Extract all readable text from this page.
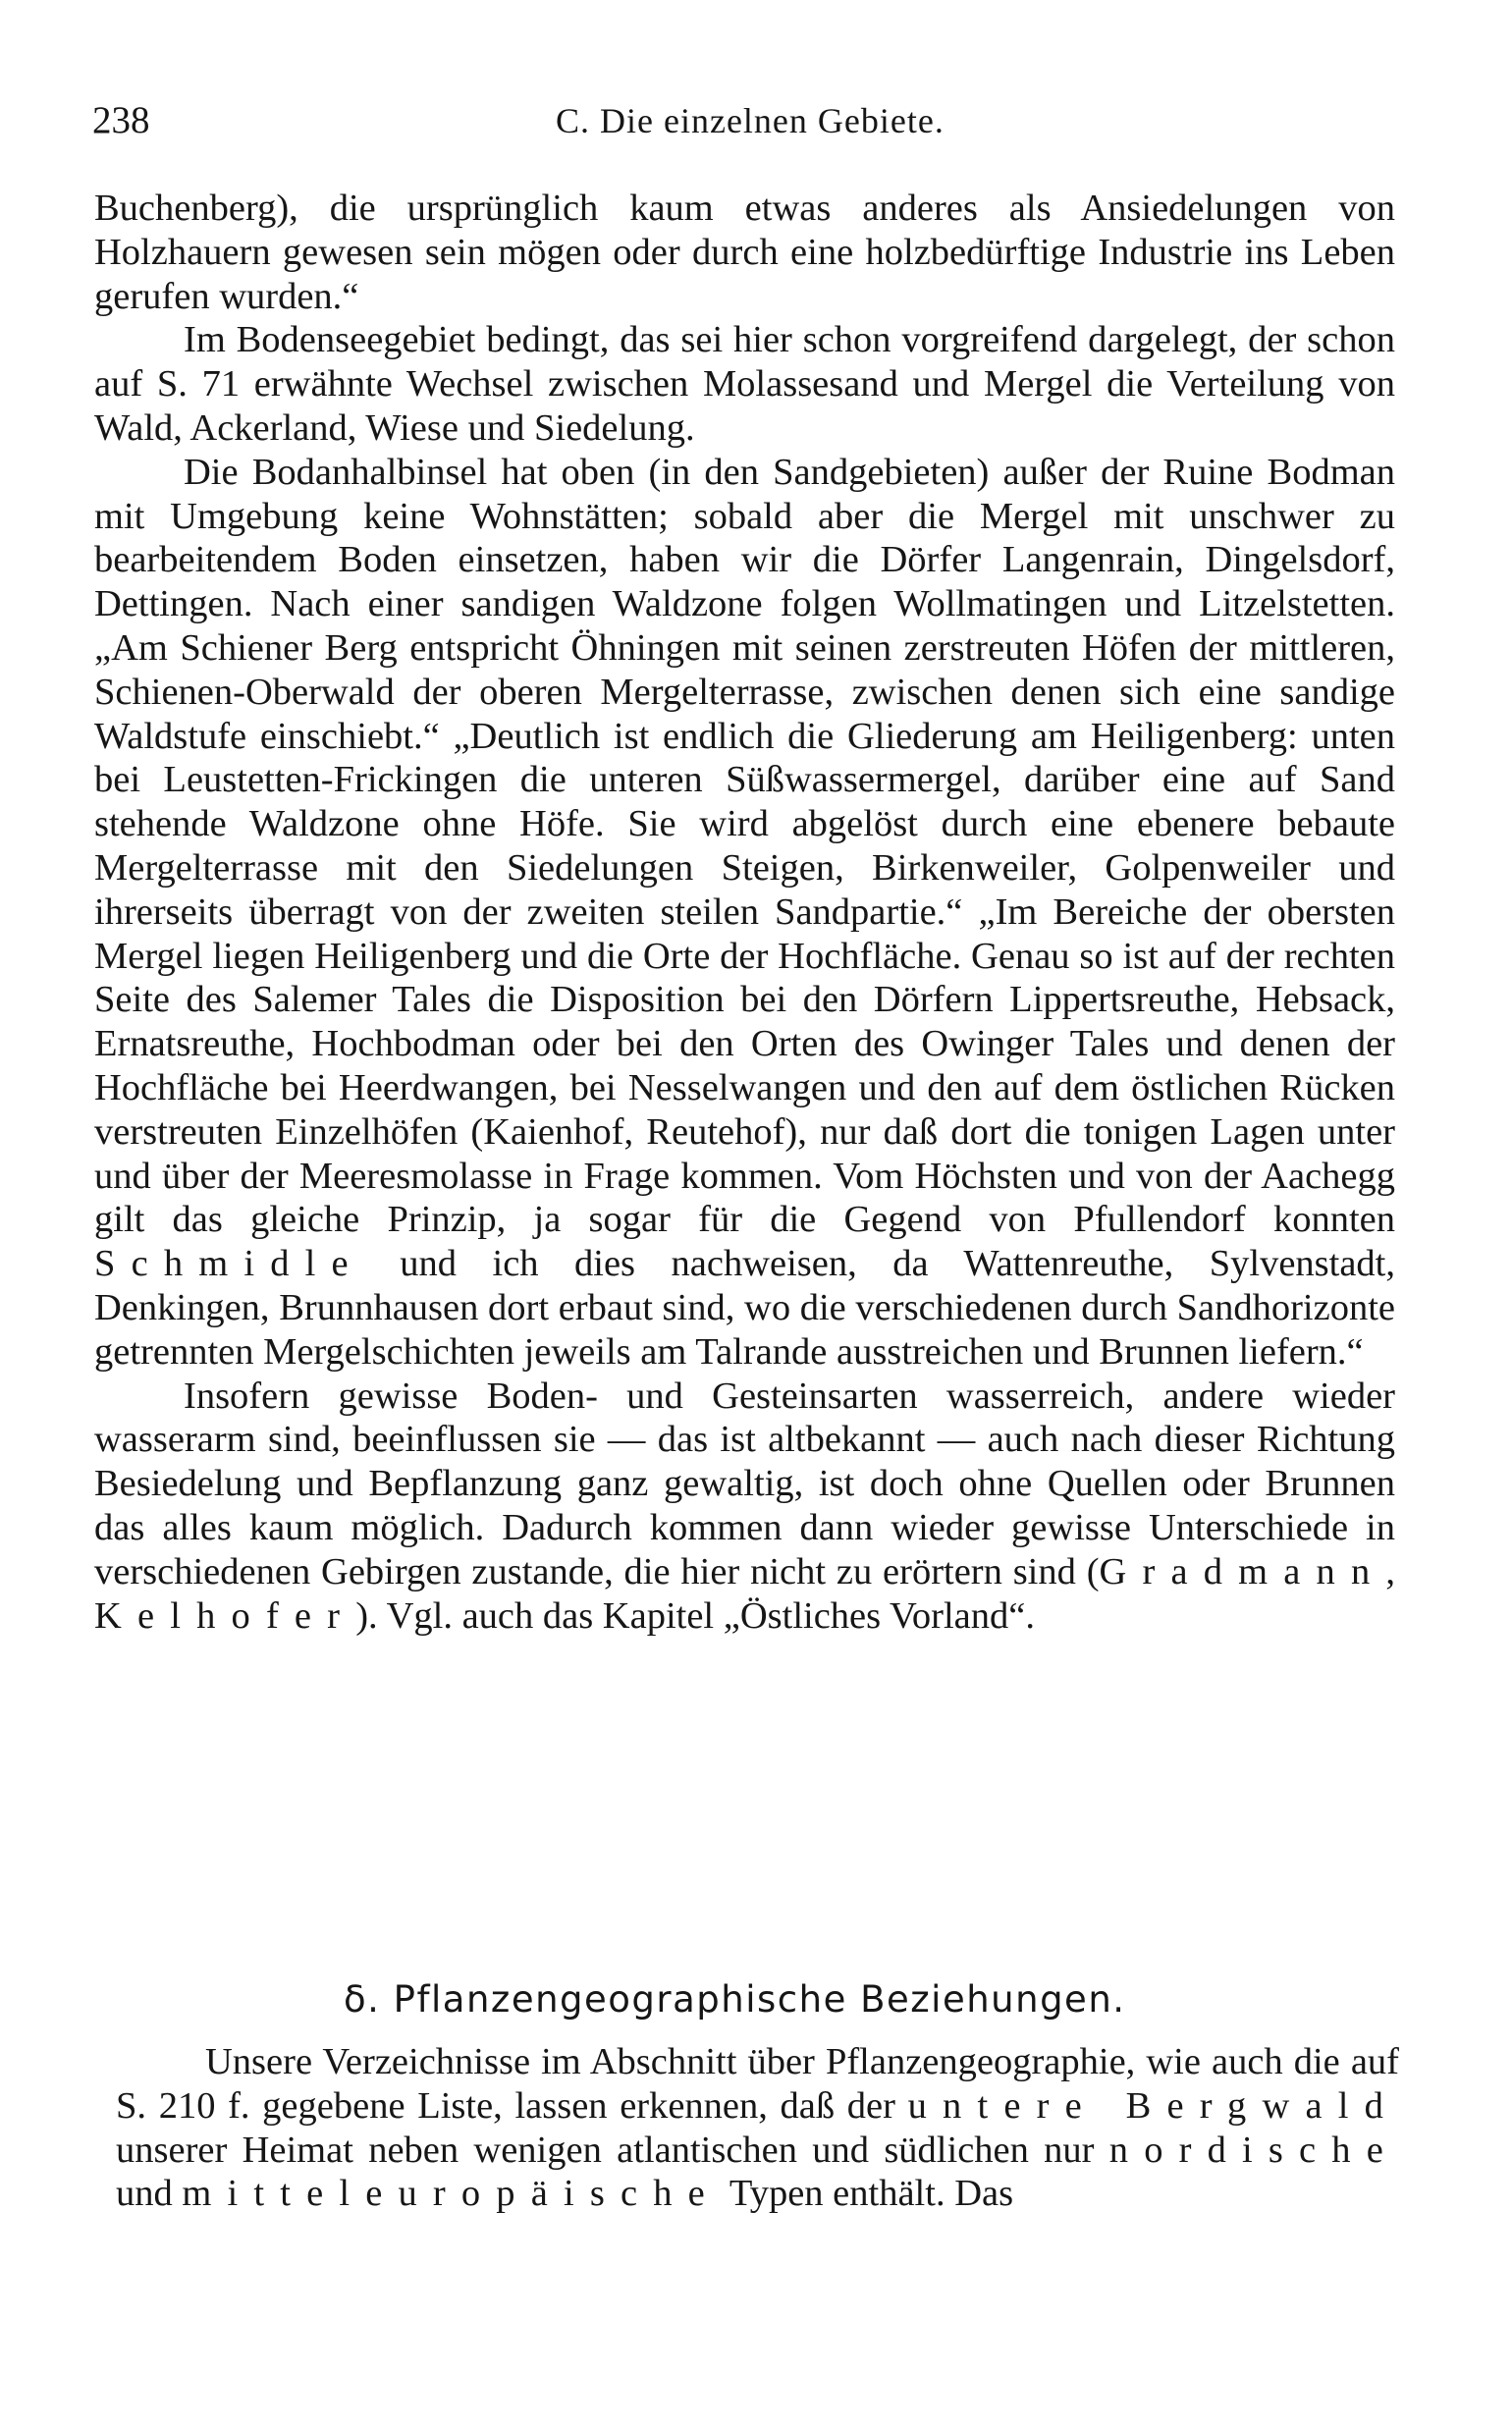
238	C. Die einzelnen Gebiete.

Buchenberg), die ursprünglich kaum etwas anderes als Ansiedelungen von Holzhauern gewesen sein mögen oder durch eine holzbedürftige Industrie ins Leben gerufen wurden.“

Im Bodenseegebiet bedingt, das sei hier schon vorgreifend dargelegt, der schon auf S. 71 erwähnte Wechsel zwischen Molassesand und Mergel die Verteilung von Wald, Ackerland, Wiese und Siedelung.

Die Bodanhalbinsel hat oben (in den Sandgebieten) außer der Ruine Bodman mit Umgebung keine Wohnstätten; sobald aber die Mergel mit unschwer zu bearbeitendem Boden einsetzen, haben wir die Dörfer Langenrain, Dingelsdorf, Dettingen. Nach einer sandigen Waldzone folgen Wollmatingen und Litzelstetten. „Am Schiener Berg entspricht Öhningen mit seinen zerstreuten Höfen der mittleren, Schienen-Oberwald der oberen Mergelterrasse, zwischen denen sich eine sandige Waldstufe einschiebt.“ „Deutlich ist endlich die Gliederung am Heiligenberg: unten bei Leustetten-Frickingen die unteren Süßwassermergel, darüber eine auf Sand stehende Waldzone ohne Höfe. Sie wird abgelöst durch eine ebenere bebaute Mergelterrasse mit den Siedelungen Steigen, Birkenweiler, Golpenweiler und ihrerseits überragt von der zweiten steilen Sandpartie.“ „Im Bereiche der obersten Mergel liegen Heiligenberg und die Orte der Hochfläche. Genau so ist auf der rechten Seite des Salemer Tales die Disposition bei den Dörfern Lippertsreuthe, Hebsack, Ernatsreuthe, Hochbodman oder bei den Orten des Owinger Tales und denen der Hochfläche bei Heerdwangen, bei Nesselwangen und den auf dem östlichen Rücken verstreuten Einzelhöfen (Kaienhof, Reutehof), nur daß dort die tonigen Lagen unter und über der Meeresmolasse in Frage kommen. Vom Höchsten und von der Aachegg gilt das gleiche Prinzip, ja sogar für die Gegend von Pfullendorf konnten Schmidle und ich dies nachweisen, da Wattenreuthe, Sylvenstadt, Denkingen, Brunnhausen dort erbaut sind, wo die verschiedenen durch Sandhorizonte getrennten Mergelschichten jeweils am Talrande ausstreichen und Brunnen liefern.“

Insofern gewisse Boden- und Gesteinsarten wasserreich, andere wieder wasserarm sind, beeinflussen sie — das ist altbekannt — auch nach dieser Richtung Besiedelung und Bepflanzung ganz gewaltig, ist doch ohne Quellen oder Brunnen das alles kaum möglich. Dadurch kommen dann wieder gewisse Unterschiede in verschiedenen Gebirgen zustande, die hier nicht zu erörtern sind (Gradmann, Kelhofer). Vgl. auch das Kapitel „Östliches Vorland“.

δ. Pflanzengeographische Beziehungen.

Unsere Verzeichnisse im Abschnitt über Pflanzengeographie, wie auch die auf S. 210 f. gegebene Liste, lassen erkennen, daß der untere Bergwald unserer Heimat neben wenigen atlantischen und südlichen nur nordische und mitteleuropäische Typen enthält. Das
